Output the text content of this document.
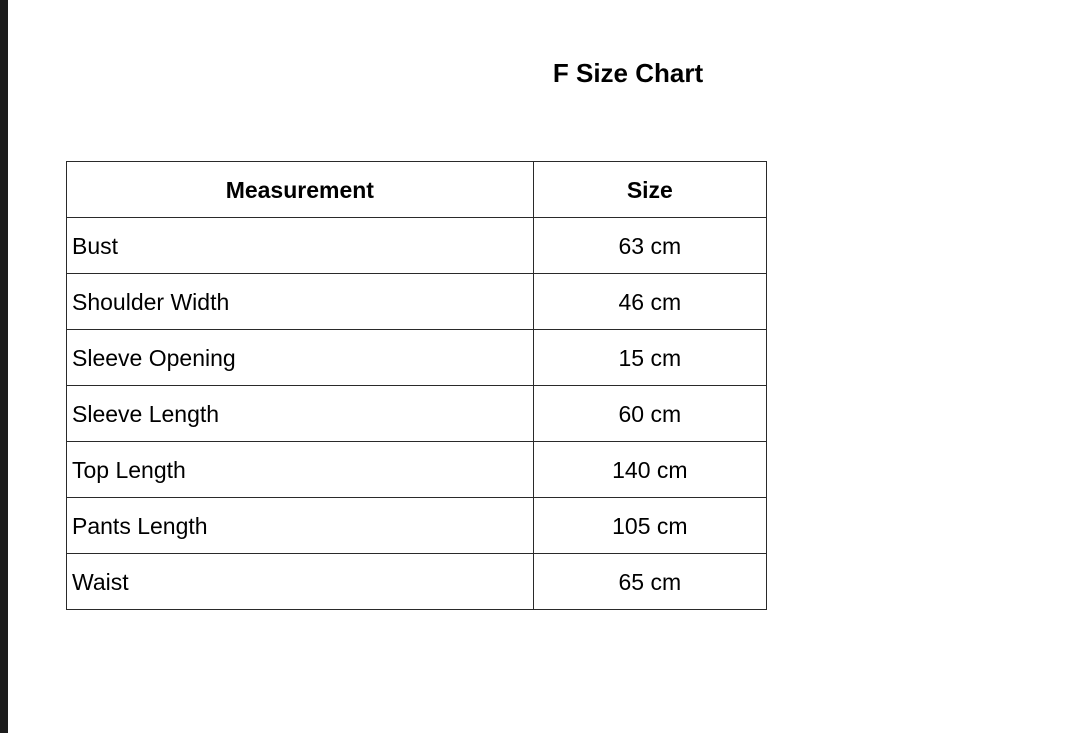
F Size Chart
Measurement	Size
Bust	63 cm
Shoulder Width	46 cm
Sleeve Opening	15 cm
Sleeve Length	60 cm
Top Length	140 cm
Pants Length	105 cm
Waist	65 cm
